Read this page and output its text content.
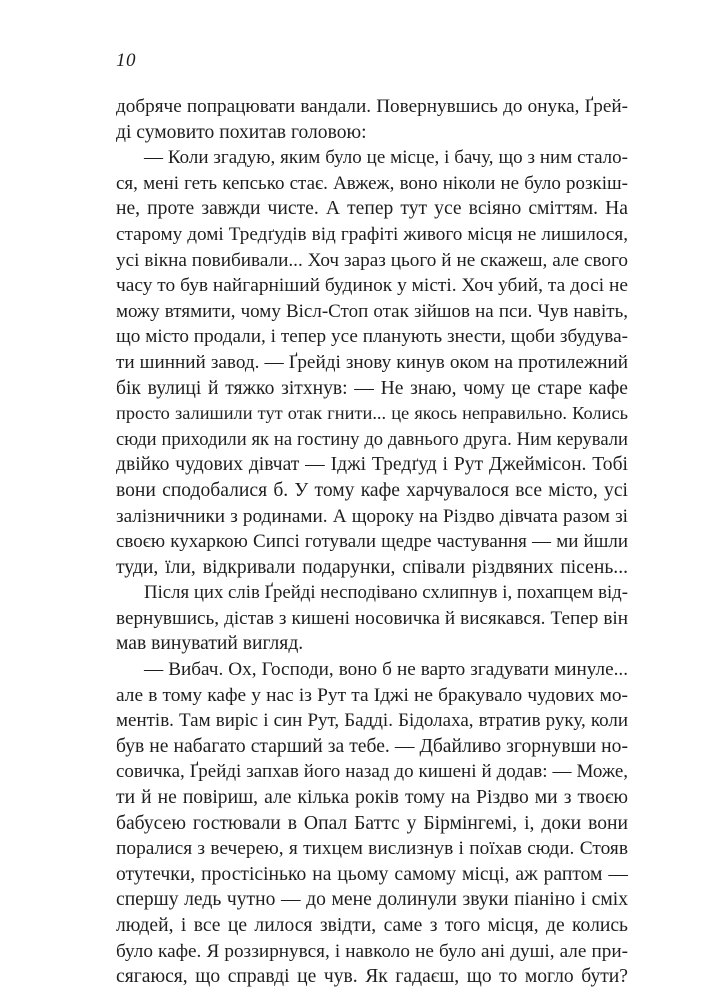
10
добряче попрацювати вандали. Повернувшись до онука, Ґрей-
ді сумовито похитав головою:
— Коли згадую, яким було це місце, і бачу, що з ним стало-
ся, мені геть кепсько стає. Авжеж, воно ніколи не було розкіш-
не, проте завжди чисте. А тепер тут усе всіяно сміттям. На
старому домі Тредґудів від графіті живого місця не лишилося,
усі вікна повибивали... Хоч зараз цього й не скажеш, але свого
часу то був найгарніший будинок у місті. Хоч убий, та досі не
можу втямити, чому Вісл-Стоп отак зійшов на пси. Чув навіть,
що місто продали, і тепер усе планують знести, щоби збудува-
ти шинний завод. — Ґрейді знову кинув оком на протилежний
бік вулиці й тяжко зітхнув: — Не знаю, чому це старе кафе
просто залишили тут отак гнити... це якось неправильно. Колись
сюди приходили як на гостину до давнього друга. Ним керували
двійко чудових дівчат — Іджі Тредґуд і Рут Джеймісон. Тобі
вони сподобалися б. У тому кафе харчувалося все місто, усі
залізничники з родинами. А щороку на Різдво дівчата разом зі
своєю кухаркою Сипсі готували щедре частування — ми йшли
туди, їли, відкривали подарунки, співали різдвяних пісень...
Після цих слів Ґрейді несподівано схлипнув і, похапцем від-
вернувшись, дістав з кишені носовичка й висякався. Тепер він
мав винуватий вигляд.
— Вибач. Ох, Господи, воно б не варто згадувати минуле...
але в тому кафе у нас із Рут та Іджі не бракувало чудових мо-
ментів. Там виріс і син Рут, Бадді. Бідолаха, втратив руку, коли
був не набагато старший за тебе. — Дбайливо згорнувши но-
совичка, Ґрейді запхав його назад до кишені й додав: — Може,
ти й не повіриш, але кілька років тому на Різдво ми з твоєю
бабусею гостювали в Опал Баттс у Бірмінгемі, і, доки вони
поралися з вечерею, я тихцем вислизнув і поїхав сюди. Стояв
отутечки, простісінько на цьому самому місці, аж раптом —
спершу ледь чутно — до мене долинули звуки піаніно і сміх
людей, і все це лилося звідти, саме з того місця, де колись
було кафе. Я роззирнувся, і навколо не було ані душі, але при-
сягаюся, що справді це чув. Як гадаєш, що то могло бути?
